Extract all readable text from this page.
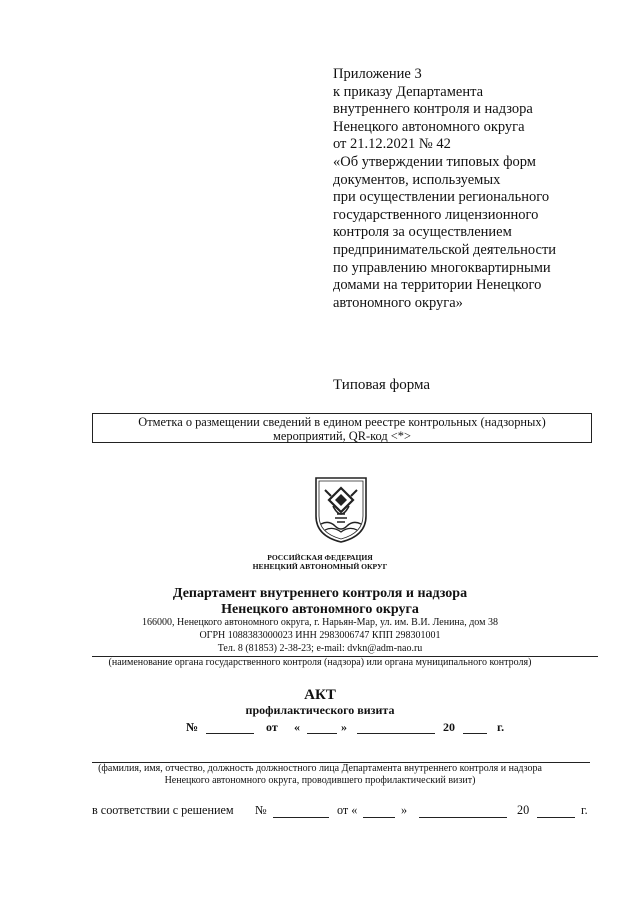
Приложение 3
к приказу Департамента
внутреннего контроля и надзора
Ненецкого автономного округа
от 21.12.2021 № 42
«Об утверждении типовых форм
документов, используемых
при осуществлении регионального
государственного лицензионного
контроля за осуществлением
предпринимательской деятельности
по управлению многоквартирными
домами на территории Ненецкого
автономного округа»
Типовая форма
Отметка о размещении сведений в едином реестре контрольных (надзорных)
мероприятий, QR-код <*>
РОССИЙСКАЯ ФЕДЕРАЦИЯ
НЕНЕЦКИЙ АВТОНОМНЫЙ ОКРУГ
Департамент внутреннего контроля и надзора
Ненецкого автономного округа
166000, Ненецкого автономного округа, г. Нарьян-Мар, ул. им. В.И. Ленина, дом 38
ОГРН 1088383000023 ИНН 2983006747 КПП 298301001
Тел. 8 (81853) 2-38-23; e-mail: dvkn@adm-nao.ru
(наименование органа государственного контроля (надзора) или органа муниципального контроля)
АКТ
профилактического визита
№	от «	»	20	г.
(фамилия, имя, отчество, должность должностного лица Департамента внутреннего контроля и надзора
Ненецкого автономного округа, проводившего профилактический визит)
в соответствии с решением №	от «	»	20	г.
